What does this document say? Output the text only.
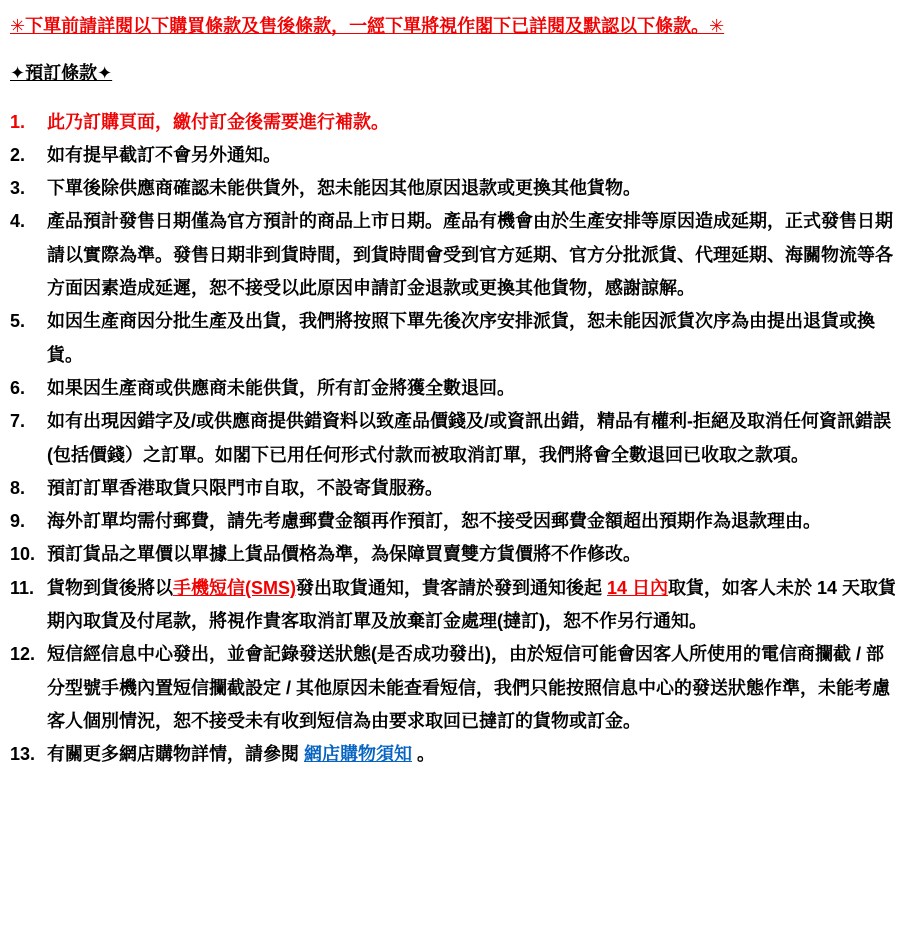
✳下單前請詳閱以下購買條款及售後條款，一經下單將視作閣下已詳閱及默認以下條款。✳
✦預訂條款✦
1.	此乃訂購頁面，繳付訂金後需要進行補款。
2.	如有提早截訂不會另外通知。
3.	下單後除供應商確認未能供貨外，恕未能因其他原因退款或更換其他貨物。
4.	產品預計發售日期僅為官方預計的商品上市日期。產品有機會由於生產安排等原因造成延期，正式發售日期請以實際為準。發售日期非到貨時間，到貨時間會受到官方延期、官方分批派貨、代理延期、海關物流等各方面因素造成延遲，恕不接受以此原因申請訂金退款或更換其他貨物，感謝諒解。
5.	如因生產商因分批生產及出貨，我們將按照下單先後次序安排派貨，恕未能因派貨次序為由提出退貨或換貨。
6.	如果因生產商或供應商未能供貨，所有訂金將獲全數退回。
7.	如有出現因錯字及/或供應商提供錯資料以致產品價錢及/或資訊出錯，精品有權利-拒絕及取消任何資訊錯誤(包括價錢）之訂單。如閣下已用任何形式付款而被取消訂單，我們將會全數退回已收取之款項。
8.	預訂訂單香港取貨只限門市自取，不設寄貨服務。
9.	海外訂單均需付郵費，請先考慮郵費金額再作預訂，恕不接受因郵費金額超出預期作為退款理由。
10. 預訂貨品之單價以單據上貨品價格為準，為保障買賣雙方貨價將不作修改。
11. 貨物到貨後將以手機短信(SMS)發出取貨通知，貴客請於發到通知後起 14 日內取貨，如客人未於 14 天取貨期內取貨及付尾款，將視作貴客取消訂單及放棄訂金處理(撻訂)，恕不作另行通知。
12. 短信經信息中心發出，並會記錄發送狀態(是否成功發出)，由於短信可能會因客人所使用的電信商攔截 / 部分型號手機內置短信攔截設定 / 其他原因未能查看短信，我們只能按照信息中心的發送狀態作準，未能考慮客人個別情況，恕不接受未有收到短信為由要求取回已撻訂的貨物或訂金。
13. 有關更多網店購物詳情，請參閱 網店購物須知 。
